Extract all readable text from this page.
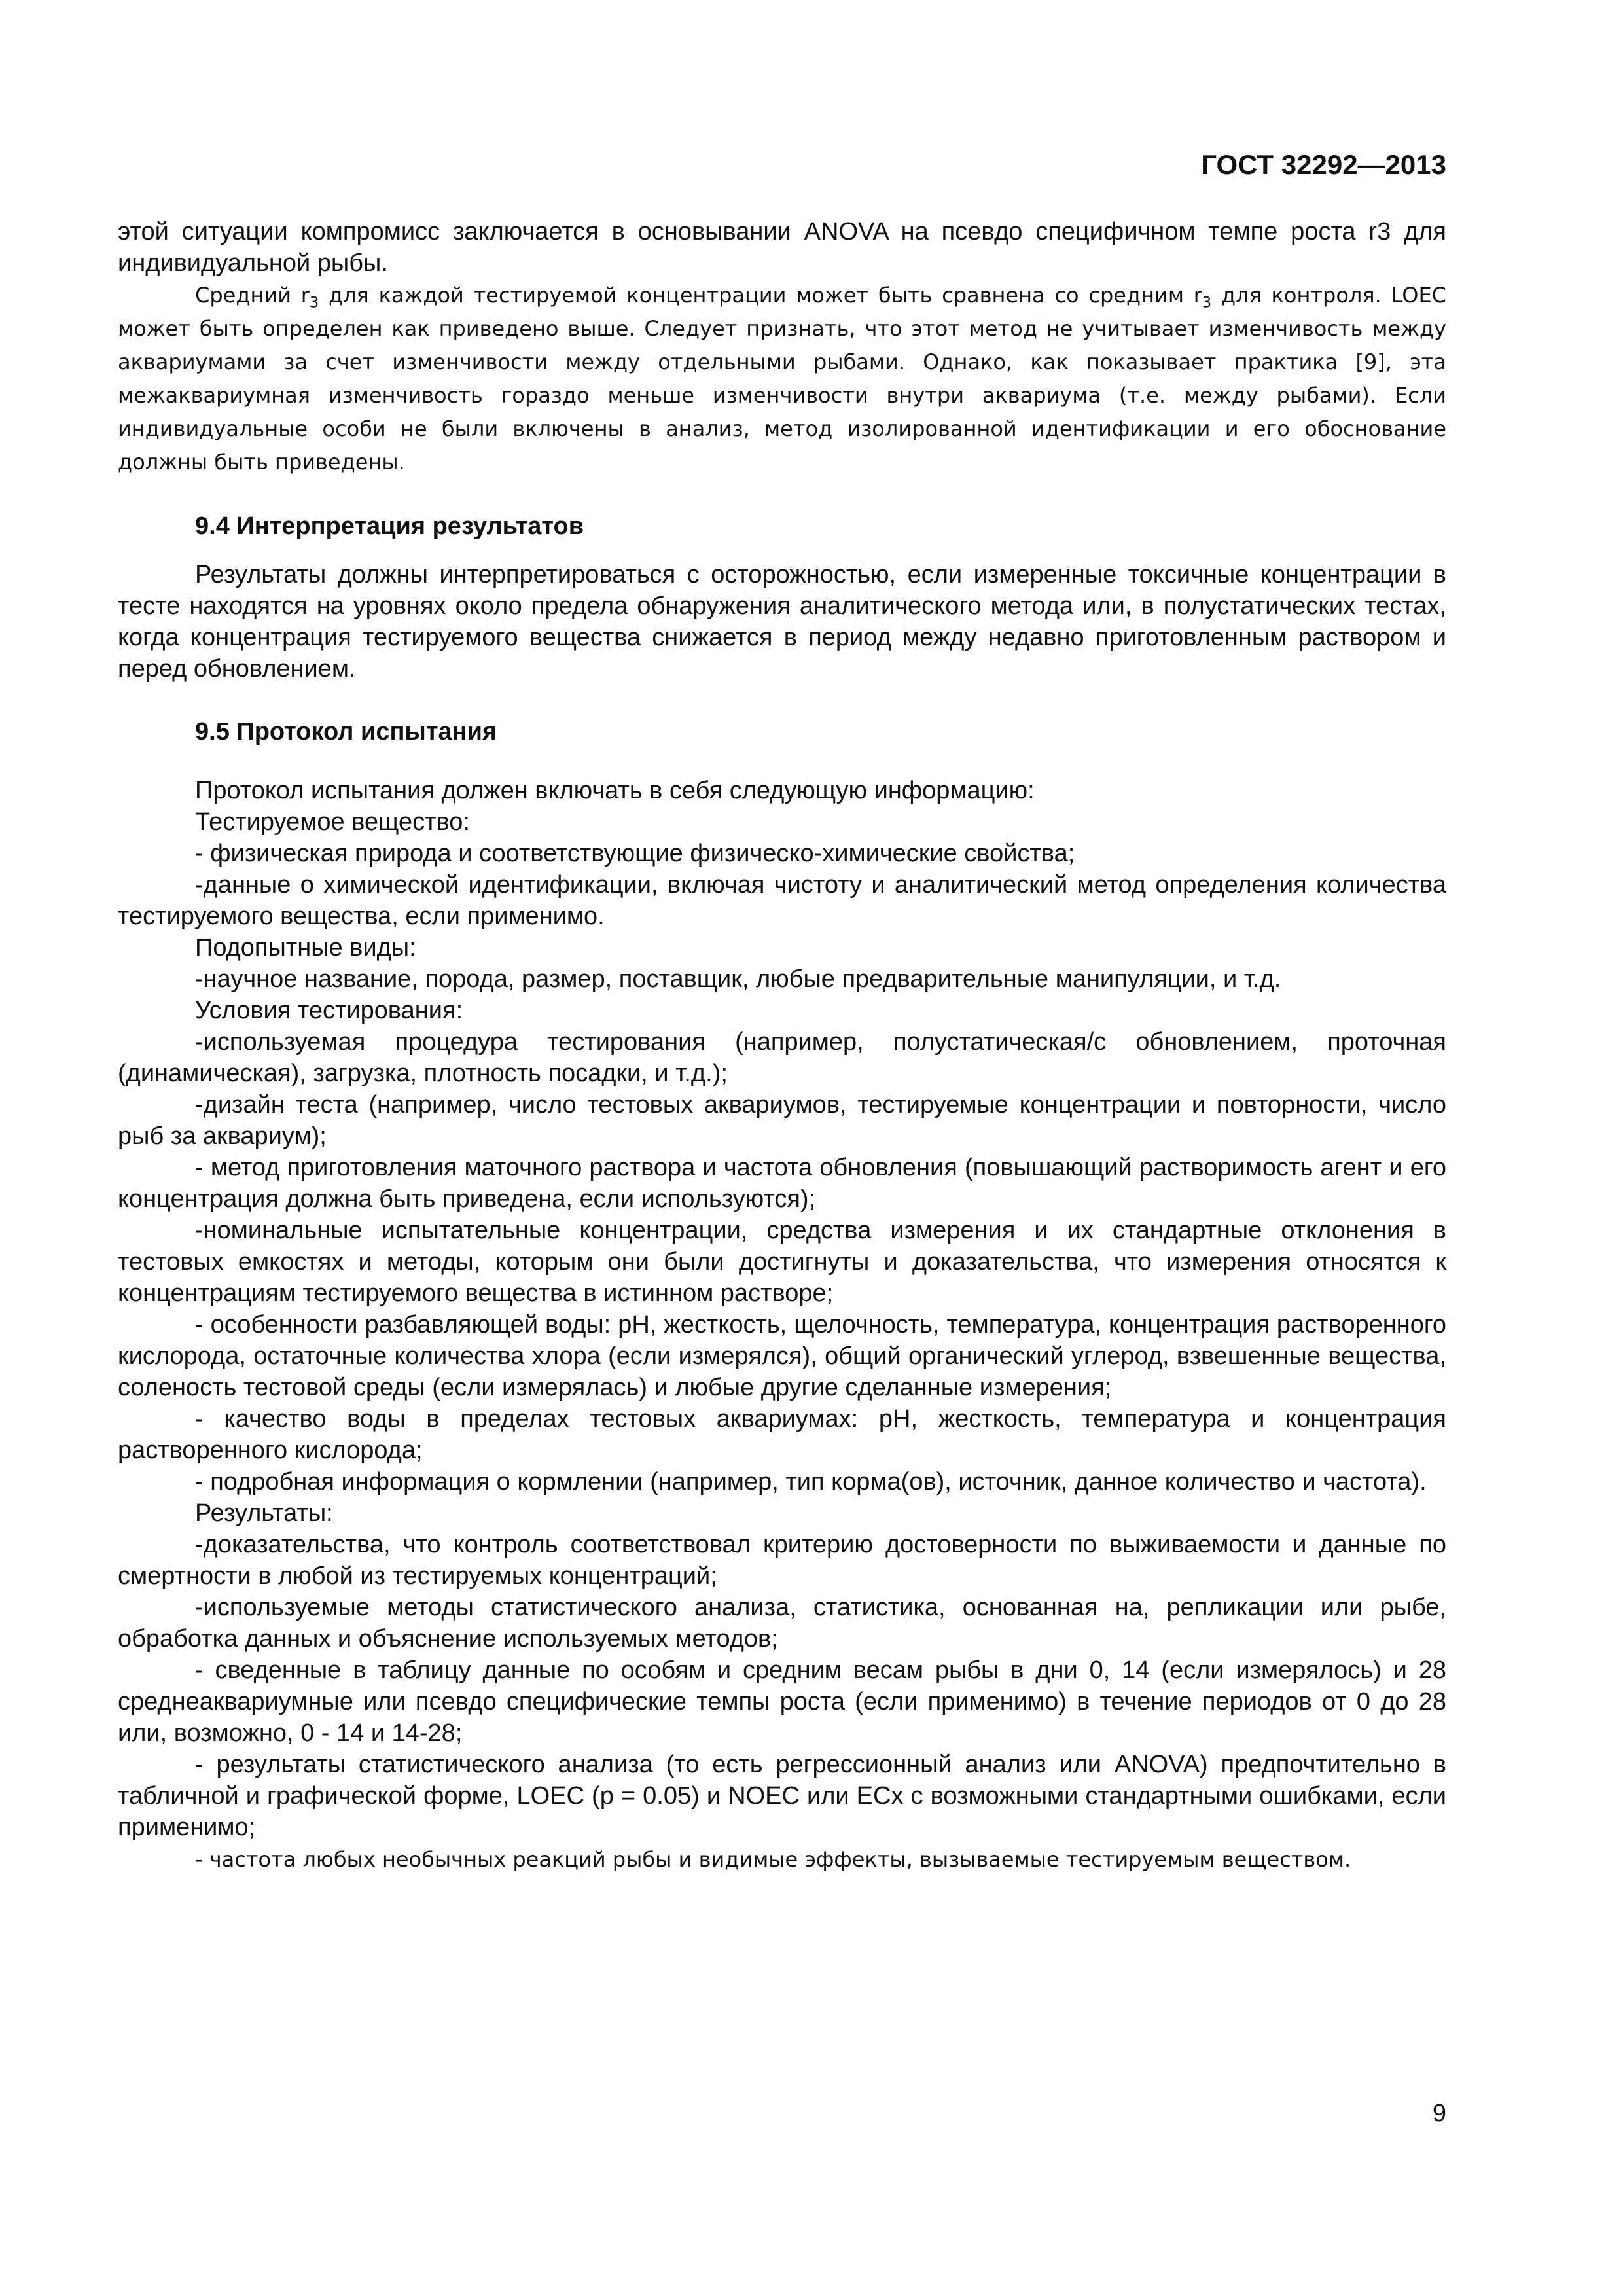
ГОСТ 32292—2013

этой ситуации компромисс заключается в основывании ANOVA на псевдо специфичном темпе роста r3 для индивидуальной рыбы.

Средний $r_3$ для каждой тестируемой концентрации может быть сравнена со средним $r_3$ для контроля. LOEC может быть определен как приведено выше. Следует признать, что этот метод не учитывает изменчивость между аквариумами за счет изменчивости между отдельными рыбами. Однако, как показывает практика [9], эта межаквариумная изменчивость гораздо меньше изменчивости внутри аквариума (т.е. между рыбами). Если индивидуальные особи не были включены в анализ, метод изолированной идентификации и его обоснование должны быть приведены.

9.4 Интерпретация результатов

Результаты должны интерпретироваться с осторожностью, если измеренные токсичные концентрации в тесте находятся на уровнях около предела обнаружения аналитического метода или, в полустатических тестах, когда концентрация тестируемого вещества снижается в период между недавно приготовленным раствором и перед обновлением.

9.5 Протокол испытания

Протокол испытания должен включать в себя следующую информацию:

Тестируемое вещество:

- физическая природа и соответствующие физическо-химические свойства;

-данные о химической идентификации, включая чистоту и аналитический метод определения количества тестируемого вещества, если применимо.

Подопытные виды:

-научное название, порода, размер, поставщик, любые предварительные манипуляции, и т.д.

Условия тестирования:

-используемая процедура тестирования (например, полустатическая/с обновлением, проточная (динамическая), загрузка, плотность посадки, и т.д.);

-дизайн теста (например, число тестовых аквариумов, тестируемые концентрации и повторности, число рыб за аквариум);

- метод приготовления маточного раствора и частота обновления (повышающий растворимость агент и его концентрация должна быть приведена, если используются);

-номинальные испытательные концентрации, средства измерения и их стандартные отклонения в тестовых емкостях и методы, которым они были достигнуты и доказательства, что измерения относятся к концентрациям тестируемого вещества в истинном растворе;

- особенности разбавляющей воды: pH, жесткость, щелочность, температура, концентрация растворенного кислорода, остаточные количества хлора (если измерялся), общий органический углерод, взвешенные вещества, соленость тестовой среды (если измерялась) и любые другие сделанные измерения;

- качество воды в пределах тестовых аквариумах: pH, жесткость, температура и концентрация растворенного кислорода;

- подробная информация о кормлении (например, тип корма(ов), источник, данное количество и частота).

Результаты:

-доказательства, что контроль соответствовал критерию достоверности по выживаемости и данные по смертности в любой из тестируемых концентраций;

-используемые методы статистического анализа, статистика, основанная на, репликации или рыбе, обработка данных и объяснение используемых методов;

- сведенные в таблицу данные по особям и средним весам рыбы в дни 0, 14 (если измерялось) и 28 среднеаквариумные или псевдо специфические темпы роста (если применимо) в течение периодов от 0 до 28 или, возможно, 0 - 14 и 14-28;

- результаты статистического анализа (то есть регрессионный анализ или ANOVA) предпочтительно в табличной и графической форме, LOEC (p = 0.05) и NOEC или ECx с возможными стандартными ошибками, если применимо;

- частота любых необычных реакций рыбы и видимые эффекты, вызываемые тестируемым веществом.

9
